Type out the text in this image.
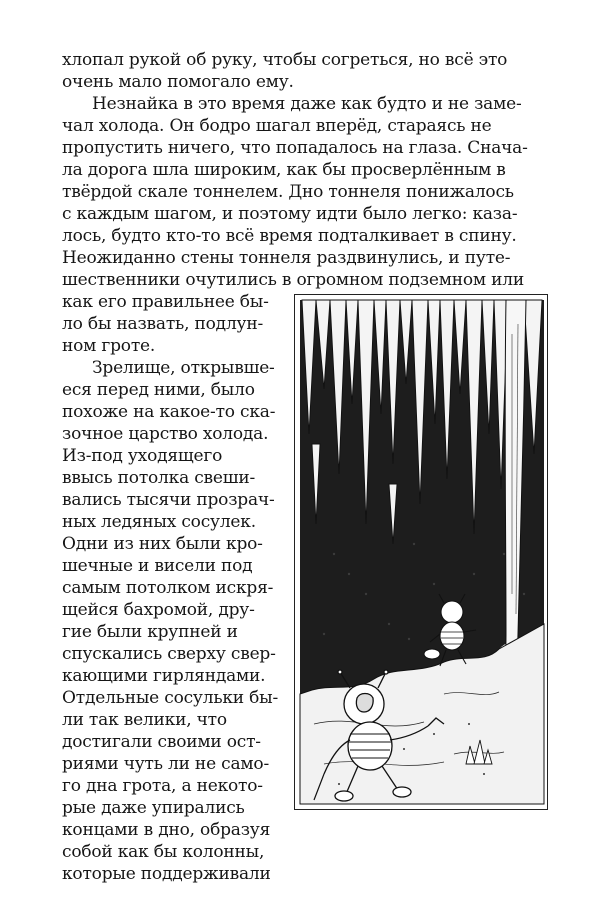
хлопал рукой об руку, чтобы согреться, но всё это

очень мало помогало ему.

Незнайка в это время даже как будто и не заме-

чал холода. Он бодро шагал вперёд, стараясь не

пропустить ничего, что попадалось на глаза. Снача-

ла дорога шла широким, как бы просверлённым в

твёрдой скале тоннелем. Дно тоннеля понижалось

с каждым шагом, и поэтому идти было легко: каза-

лось, будто кто-то всё время подталкивает в спину.

Неожиданно стены тоннеля раздвинулись, и путе-

шественники очутились в огромном подземном или

как его правильнее бы-

ло бы назвать, подлун-

ном гроте.

Зрелище, открывше-

еся перед ними, было

похоже на какое-то ска-

зочное царство холода.

Из-под уходящего

ввысь потолка свеши-

вались тысячи прозрач-

ных ледяных сосулек.

Одни из них были кро-

шечные и висели под

самым потолком искря-

щейся бахромой, дру-

гие были крупней и

спускались сверху свер-

кающими гирляндами.

Отдельные сосульки бы-

ли так велики, что

достигали своими ост-

риями чуть ли не само-

го дна грота, а некото-

рые даже упирались

концами в дно, образуя

собой как бы колонны,

которые поддерживали
